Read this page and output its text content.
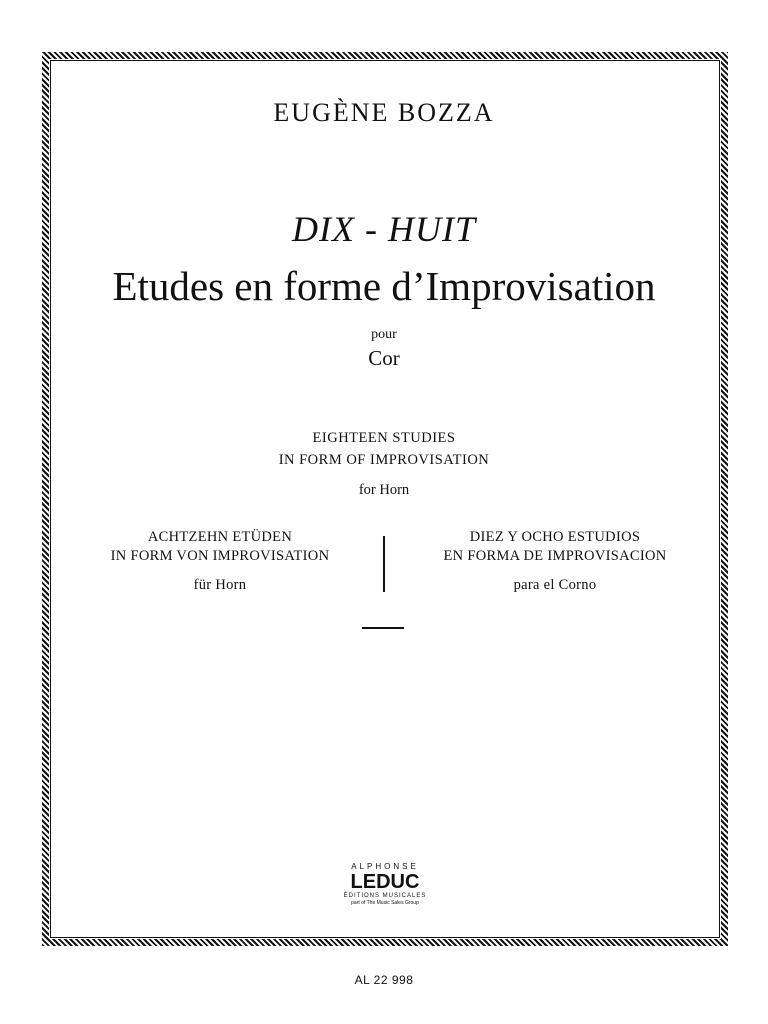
EUGÈNE BOZZA
DIX - HUIT
Etudes en forme d’Improvisation
pour
Cor
EIGHTEEN STUDIES
IN FORM OF IMPROVISATION
for Horn
ACHTZEHN ETÜDEN
IN FORM VON IMPROVISATION
für Horn
DIEZ Y OCHO ESTUDIOS
EN FORMA DE IMPROVISACION
para el Corno
ALPHONSE
LEDUC
ÉDITIONS MUSICALES
part of The Music Sales Group
AL 22 998
